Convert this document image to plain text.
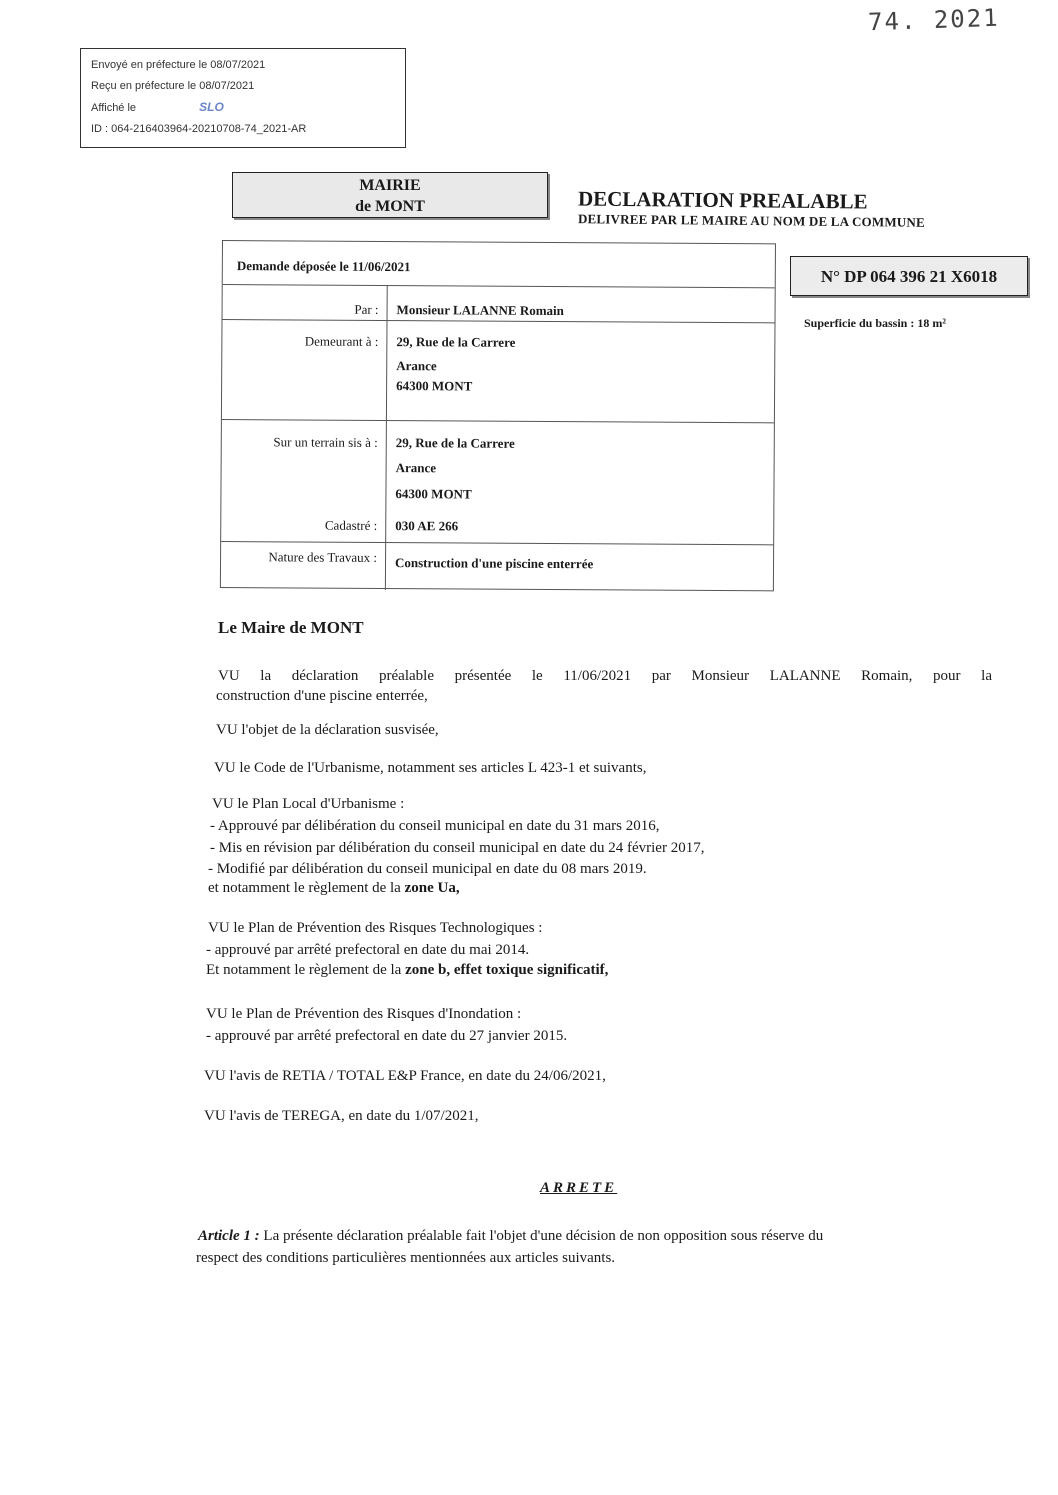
74. 2021
Envoyé en préfecture le 08/07/2021
Reçu en préfecture le 08/07/2021
Affiché le	SLO
ID : 064-216403964-20210708-74_2021-AR
MAIRIE
de MONT	DECLARATION PREALABLE
DELIVREE PAR LE MAIRE AU NOM DE LA COMMUNE
N° DP 064 396 21 X6018
Superficie du bassin : 18 m²
Demande déposée le 11/06/2021
Par : Monsieur LALANNE Romain
Demeurant à : 29, Rue de la Carrere
Arance
64300 MONT
Sur un terrain sis à : 29, Rue de la Carrere
Arance
64300 MONT
Cadastré : 030 AE 266
Nature des Travaux : Construction d'une piscine enterrée
Le Maire de MONT
VU la déclaration préalable présentée le 11/06/2021 par Monsieur LALANNE Romain, pour la
construction d'une piscine enterrée,
VU l'objet de la déclaration susvisée,
VU le Code de l'Urbanisme, notamment ses articles L 423-1 et suivants,
VU le Plan Local d'Urbanisme :
- Approuvé par délibération du conseil municipal en date du 31 mars 2016,
- Mis en révision par délibération du conseil municipal en date du 24 février 2017,
- Modifié par délibération du conseil municipal en date du 08 mars 2019.
et notamment le règlement de la zone Ua,
VU le Plan de Prévention des Risques Technologiques :
- approuvé par arrêté prefectoral en date du mai 2014.
Et notamment le règlement de la zone b, effet toxique significatif,
VU le Plan de Prévention des Risques d'Inondation :
- approuvé par arrêté prefectoral en date du 27 janvier 2015.
VU l'avis de RETIA / TOTAL E&P France, en date du 24/06/2021,
VU l'avis de TEREGA, en date du 1/07/2021,
ARRETE
Article 1 : La présente déclaration préalable fait l'objet d'une décision de non opposition sous réserve du
respect des conditions particulières mentionnées aux articles suivants.
